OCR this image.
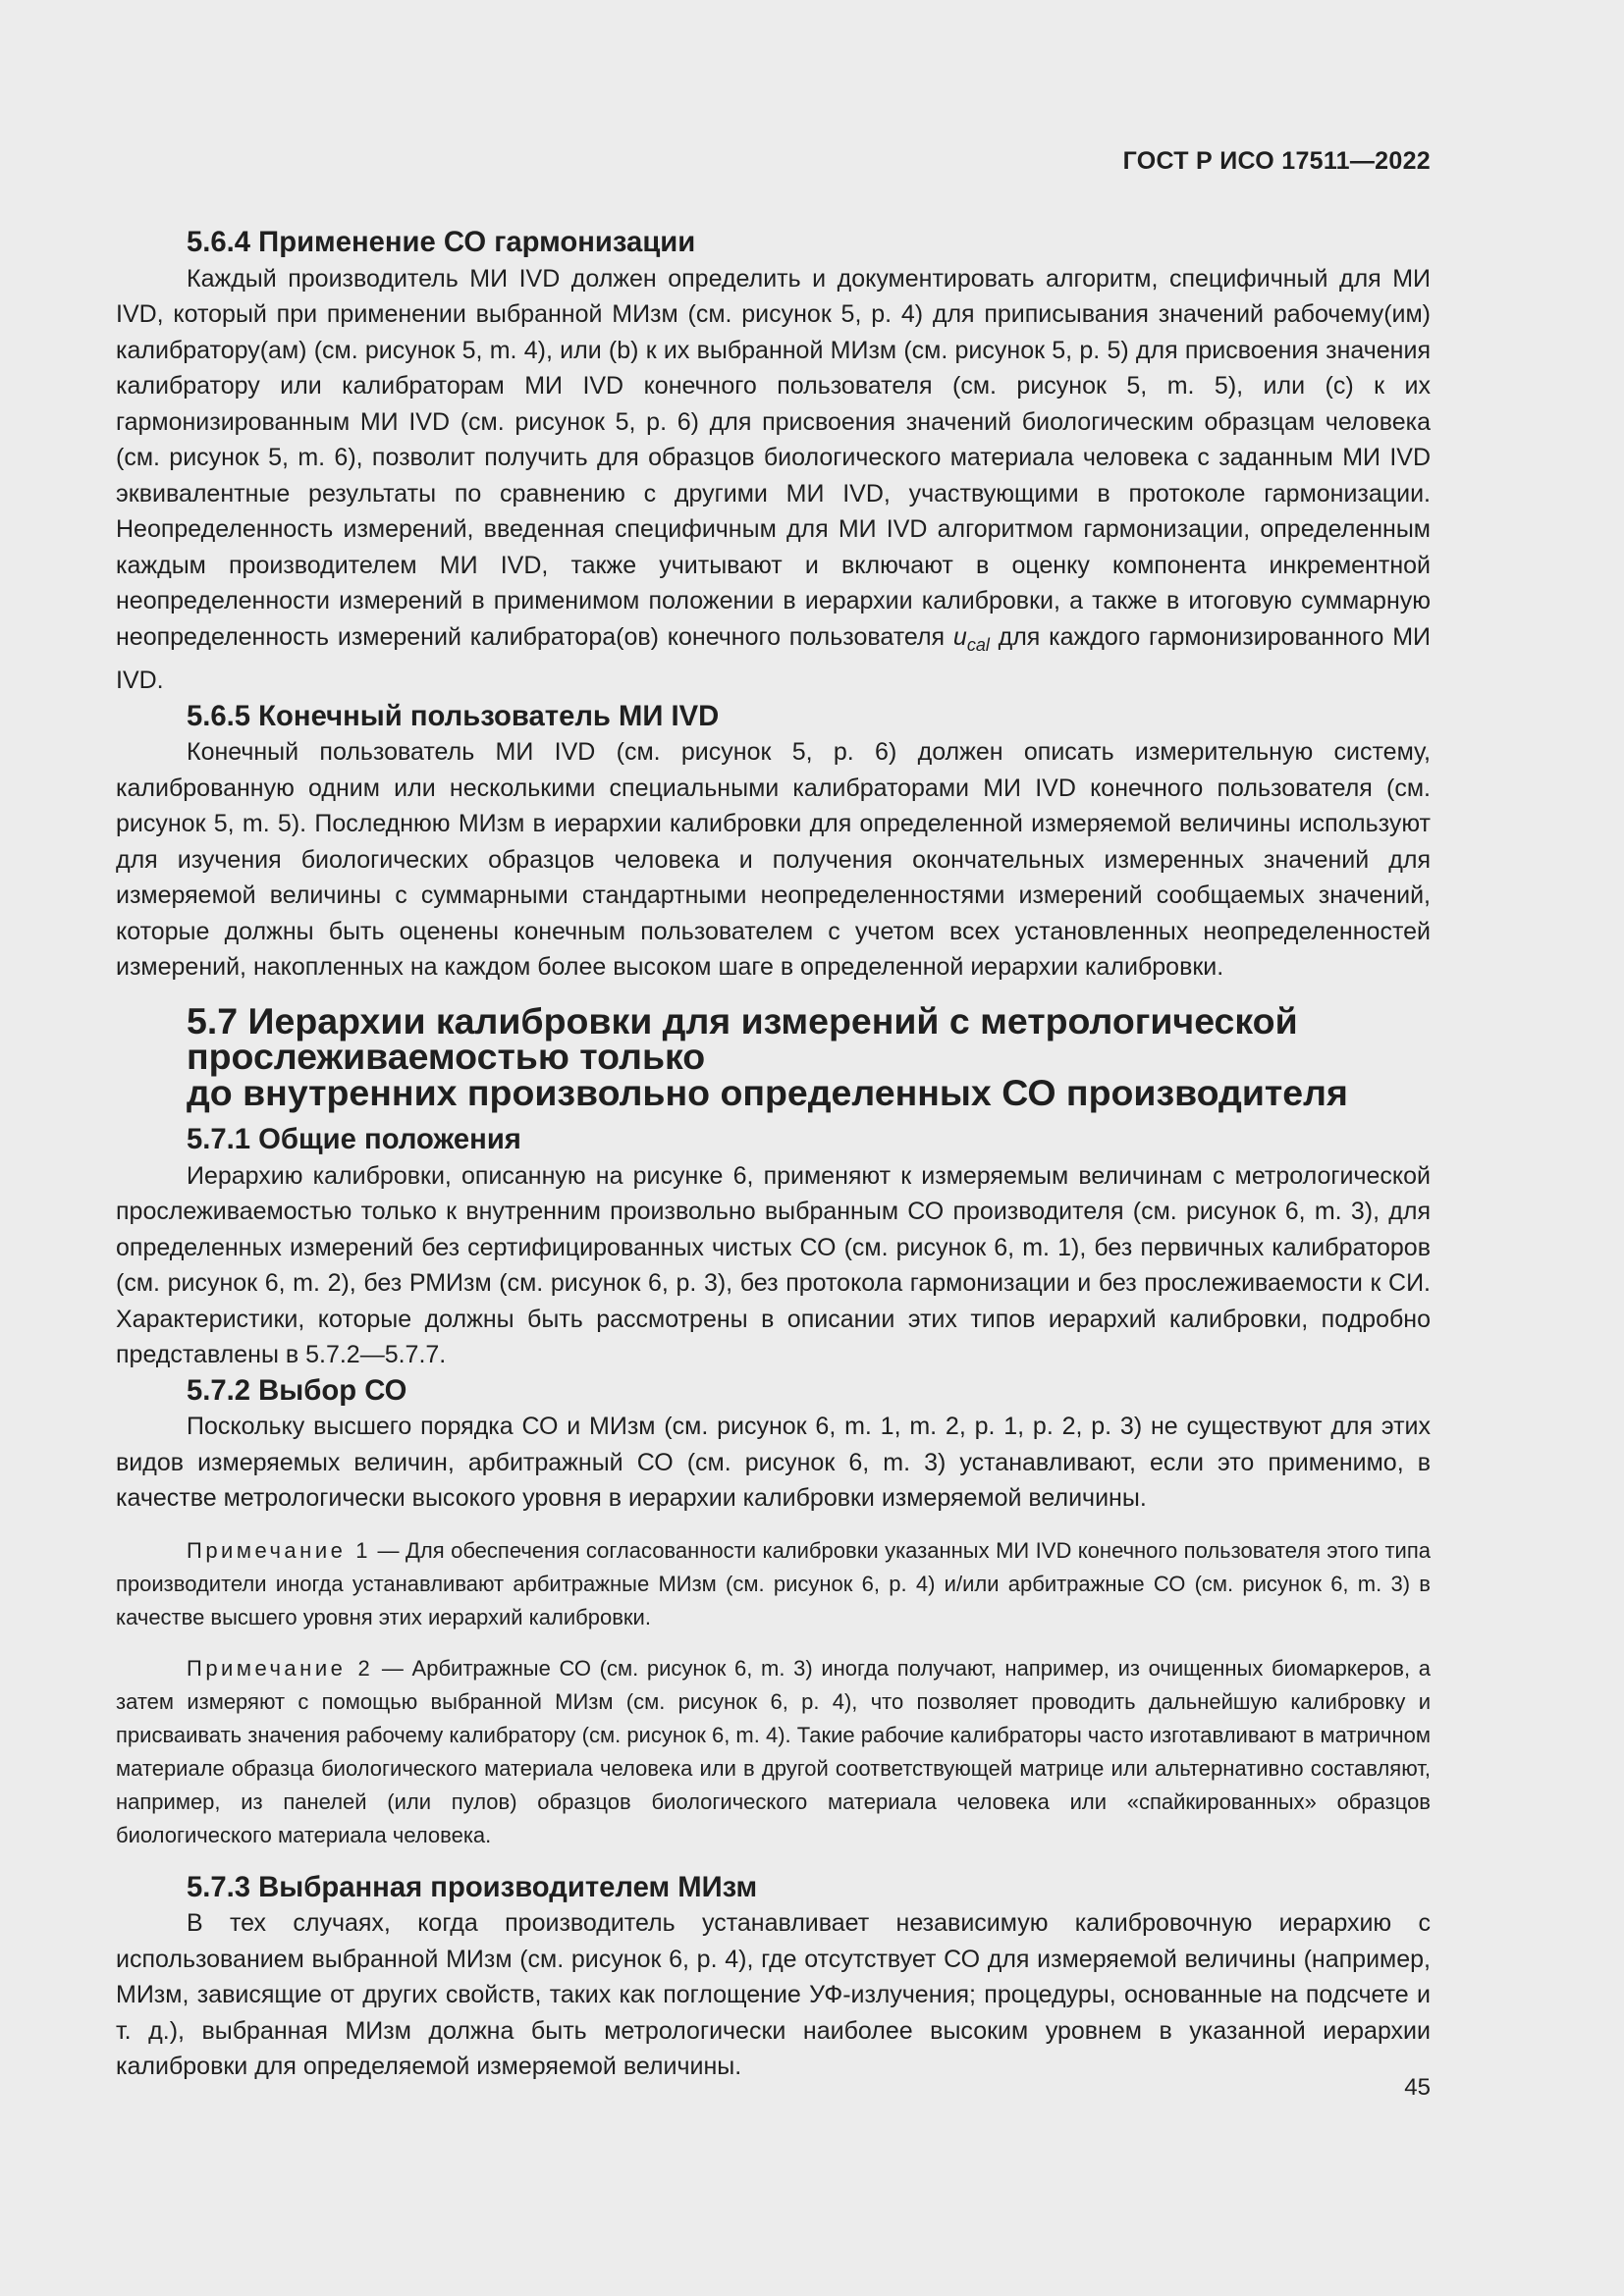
ГОСТ Р ИСО 17511—2022
5.6.4 Применение СО гармонизации

Каждый производитель МИ IVD должен определить и документировать алгоритм, специфичный для МИ IVD, который при применении выбранной МИзм (см. рисунок 5, р. 4) для приписывания значений рабочему(им) калибратору(ам) (см. рисунок 5, m. 4), или (b) к их выбранной МИзм (см. рисунок 5, р. 5) для присвоения значения калибратору или калибраторам МИ IVD конечного пользователя (см. рисунок 5, m. 5), или (c) к их гармонизированным МИ IVD (см. рисунок 5, р. 6) для присвоения значений биологическим образцам человека (см. рисунок 5, m. 6), позволит получить для образцов биологического материала человека с заданным МИ IVD эквивалентные результаты по сравнению с другими МИ IVD, участвующими в протоколе гармонизации. Неопределенность измерений, введенная специфичным для МИ IVD алгоритмом гармонизации, определенным каждым производителем МИ IVD, также учитывают и включают в оценку компонента инкрементной неопределенности измерений в применимом положении в иерархии калибровки, а также в итоговую суммарную неопределенность измерений калибратора(ов) конечного пользователя $u_{cal}$ для каждого гармонизированного МИ IVD.

5.6.5 Конечный пользователь МИ IVD

Конечный пользователь МИ IVD (см. рисунок 5, р. 6) должен описать измерительную систему, калиброванную одним или несколькими специальными калибраторами МИ IVD конечного пользователя (см. рисунок 5, m. 5). Последнюю МИзм в иерархии калибровки для определенной измеряемой величины используют для изучения биологических образцов человека и получения окончательных измеренных значений для измеряемой величины с суммарными стандартными неопределенностями измерений сообщаемых значений, которые должны быть оценены конечным пользователем с учетом всех установленных неопределенностей измерений, накопленных на каждом более высоком шаге в определенной иерархии калибровки.

5.7 Иерархии калибровки для измерений с метрологической прослеживаемостью только
до внутренних произвольно определенных СО производителя
5.7.1 Общие положения

Иерархию калибровки, описанную на рисунке 6, применяют к измеряемым величинам с метрологической прослеживаемостью только к внутренним произвольно выбранным СО производителя (см. рисунок 6, m. 3), для определенных измерений без сертифицированных чистых СО (см. рисунок 6, m. 1), без первичных калибраторов (см. рисунок 6, m. 2), без РМИзм (см. рисунок 6, р. 3), без протокола гармонизации и без прослеживаемости к СИ. Характеристики, которые должны быть рассмотрены в описании этих типов иерархий калибровки, подробно представлены в 5.7.2—5.7.7.

5.7.2 Выбор СО

Поскольку высшего порядка СО и МИзм (см. рисунок 6, m. 1, m. 2, р. 1, р. 2, р. 3) не существуют для этих видов измеряемых величин, арбитражный СО (см. рисунок 6, m. 3) устанавливают, если это применимо, в качестве метрологически высокого уровня в иерархии калибровки измеряемой величины.

Примечание 1 — Для обеспечения согласованности калибровки указанных МИ IVD конечного пользователя этого типа производители иногда устанавливают арбитражные МИзм (см. рисунок 6, р. 4) и/или арбитражные СО (см. рисунок 6, m. 3) в качестве высшего уровня этих иерархий калибровки.

Примечание 2 — Арбитражные СО (см. рисунок 6, m. 3) иногда получают, например, из очищенных биомаркеров, а затем измеряют с помощью выбранной МИзм (см. рисунок 6, р. 4), что позволяет проводить дальнейшую калибровку и присваивать значения рабочему калибратору (см. рисунок 6, m. 4). Такие рабочие калибраторы часто изготавливают в матричном материале образца биологического материала человека или в другой соответствующей матрице или альтернативно составляют, например, из панелей (или пулов) образцов биологического материала человека или «спайкированных» образцов биологического материала человека.

5.7.3 Выбранная производителем МИзм

В тех случаях, когда производитель устанавливает независимую калибровочную иерархию с использованием выбранной МИзм (см. рисунок 6, р. 4), где отсутствует СО для измеряемой величины (например, МИзм, зависящие от других свойств, таких как поглощение УФ-излучения; процедуры, основанные на подсчете и т. д.), выбранная МИзм должна быть метрологически наиболее высоким уровнем в указанной иерархии калибровки для определяемой измеряемой величины.

45
